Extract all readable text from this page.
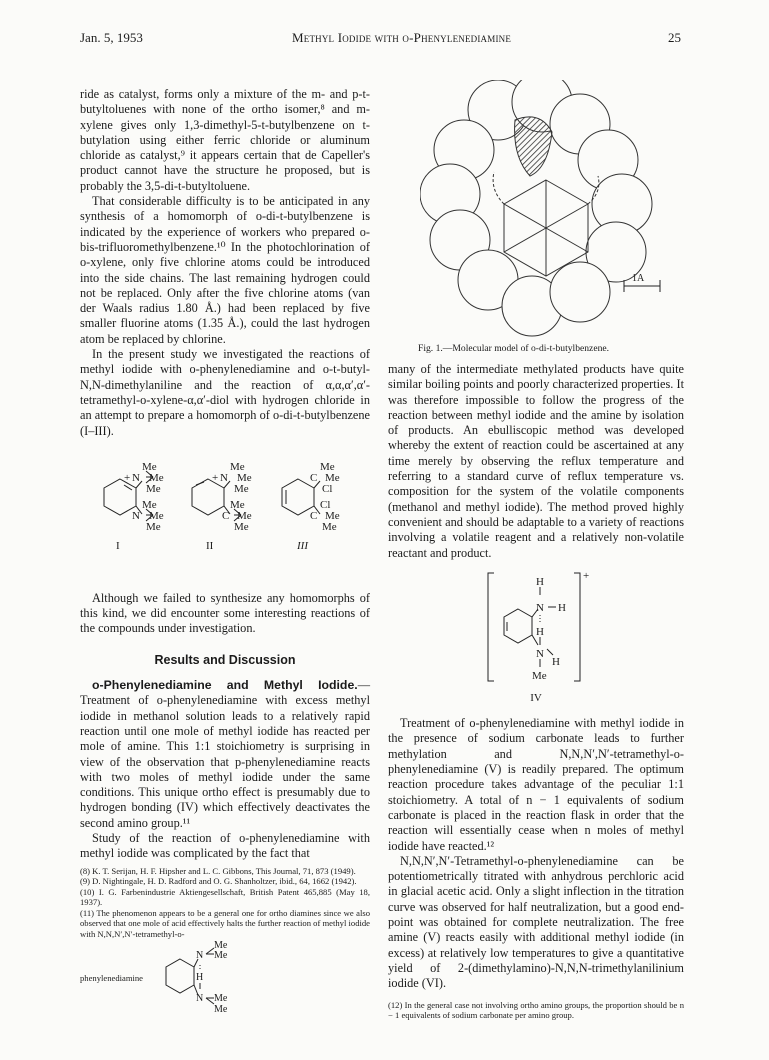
Jan. 5, 1953	Methyl Iodide with o-Phenylenediamine	25

ride as catalyst, forms only a mixture of the m- and p-t-butyltoluenes with none of the ortho isomer,⁸ and m-xylene gives only 1,3-dimethyl-5-t-butylbenzene on t-butylation using either ferric chloride or aluminum chloride as catalyst,⁹ it appears certain that de Capeller's product cannot have the structure he proposed, but is probably the 3,5-di-t-butyltoluene.

That considerable difficulty is to be anticipated in any synthesis of a homomorph of o-di-t-butylbenzene is indicated by the experience of workers who prepared o-bis-trifluoromethylbenzene.¹⁰ In the photochlorination of o-xylene, only five chlorine atoms could be introduced into the side chains. The last remaining hydrogen could not be replaced. Only after the five chlorine atoms (van der Waals radius 1.80 Å.) had been replaced by five smaller fluorine atoms (1.35 Å.), could the last hydrogen atom be replaced by chlorine.

In the present study we investigated the reactions of methyl iodide with o-phenylenediamine and o-t-butyl-N,N-dimethylaniline and the reaction of α,α,α′,α′-tetramethyl-o-xylene-α,α′-diol with hydrogen chloride in an attempt to prepare a homomorph of o-di-t-butylbenzene (I–III).

Me
+ N Me
Me
Me
N Me
Me
Me
+ N Me
Me
Me
C Me
Me
Me
C Me
Cl
Cl
C Me
Me
I	II	III

Although we failed to synthesize any homomorphs of this kind, we did encounter some interesting reactions of the compounds under investigation.

Results and Discussion

o-Phenylenediamine and Methyl Iodide.—Treatment of o-phenylenediamine with excess methyl iodide in methanol solution leads to a relatively rapid reaction until one mole of methyl iodide has reacted per mole of amine. This 1:1 stoichiometry is surprising in view of the observation that p-phenylenediamine reacts with two moles of methyl iodide under the same conditions. This unique ortho effect is presumably due to hydrogen bonding (IV) which effectively deactivates the second amino group.¹¹

Study of the reaction of o-phenylenediamine with methyl iodide was complicated by the fact that

(8) K. T. Serijan, H. F. Hipsher and L. C. Gibbons, This Journal, 71, 873 (1949).
(9) D. Nightingale, H. D. Radford and O. G. Shanholtzer, ibid., 64, 1662 (1942).
(10) I. G. Farbenindustrie Aktiengesellschaft, British Patent 465,885 (May 18, 1937).
(11) The phenomenon appears to be a general one for ortho diamines since we also observed that one mole of acid effectively halts the further reaction of methyl iodide with N,N,N′,N′-tetramethyl-o-
phenylenediamine
Me
N Me
H
N Me
Me
1A
Fig. 1.—Molecular model of o-di-t-butylbenzene.

many of the intermediate methylated products have quite similar boiling points and poorly characterized properties. It was therefore impossible to follow the progress of the reaction between methyl iodide and the amine by isolation of products. An ebulliscopic method was developed whereby the extent of reaction could be ascertained at any time merely by observing the reflux temperature and referring to a standard curve of reflux temperature vs. composition for the system of the volatile components (methanol and methyl iodide). The method proved highly convenient and should be adaptable to a variety of reactions involving a volatile reagent and a relatively non-volatile reactant and product.

H	+
N H
H
N
H
Me
IV

Treatment of o-phenylenediamine with methyl iodide in the presence of sodium carbonate leads to further methylation and N,N,N′,N′-tetramethyl-o-phenylenediamine (V) is readily prepared. The optimum reaction procedure takes advantage of the peculiar 1:1 stoichiometry. A total of n − 1 equivalents of sodium carbonate is placed in the reaction flask in order that the reaction will essentially cease when n moles of methyl iodide have reacted.¹²

N,N,N′,N′-Tetramethyl-o-phenylenediamine can be potentiometrically titrated with anhydrous perchloric acid in glacial acetic acid. Only a slight inflection in the titration curve was observed for half neutralization, but a good end-point was obtained for complete neutralization. The free amine (V) reacts easily with additional methyl iodide (in excess) at relatively low temperatures to give a quantitative yield of 2-(dimethylamino)-N,N,N-trimethylanilinium iodide (VI).

(12) In the general case not involving ortho amino groups, the proportion should be n − 1 equivalents of sodium carbonate per amino group.
